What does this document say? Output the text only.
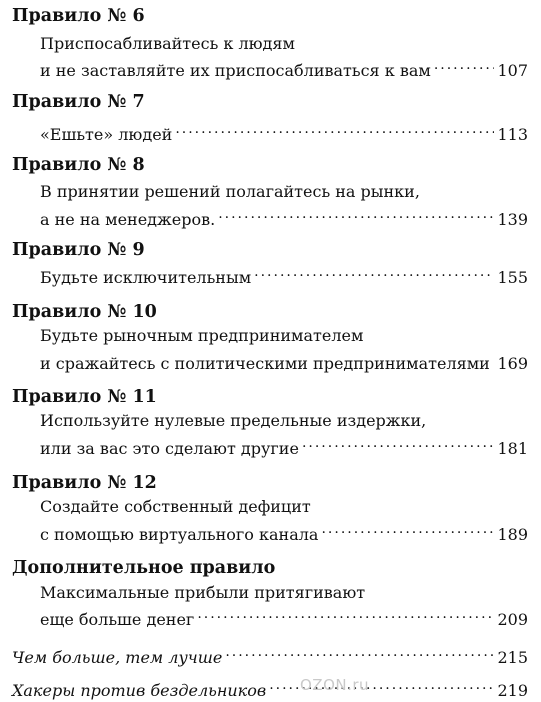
Правило № 6
Приспосабливайтесь к людям
и не заставляйте их приспосабливаться к вам .....	107
Правило № 7
«Ешьте» людей .....	113
Правило № 8
В принятии решений полагайтесь на рынки,
а не на менеджеров. .....	139
Правило № 9
Будьте исключительным .....	155
Правило № 10
Будьте рыночным предпринимателем
и сражайтесь с политическими предпринимателями ..... 169
Правило № 11
Используйте нулевые предельные издержки,
или за вас это сделают другие .....	181
Правило № 12
Создайте собственный дефицит
с помощью виртуального канала .....	189
Дополнительное правило
Максимальные прибыли притягивают
еще больше денег .....	209
Чем больше, тем лучше .....	215
Хакеры против бездельников .....	219
OZON.ru
